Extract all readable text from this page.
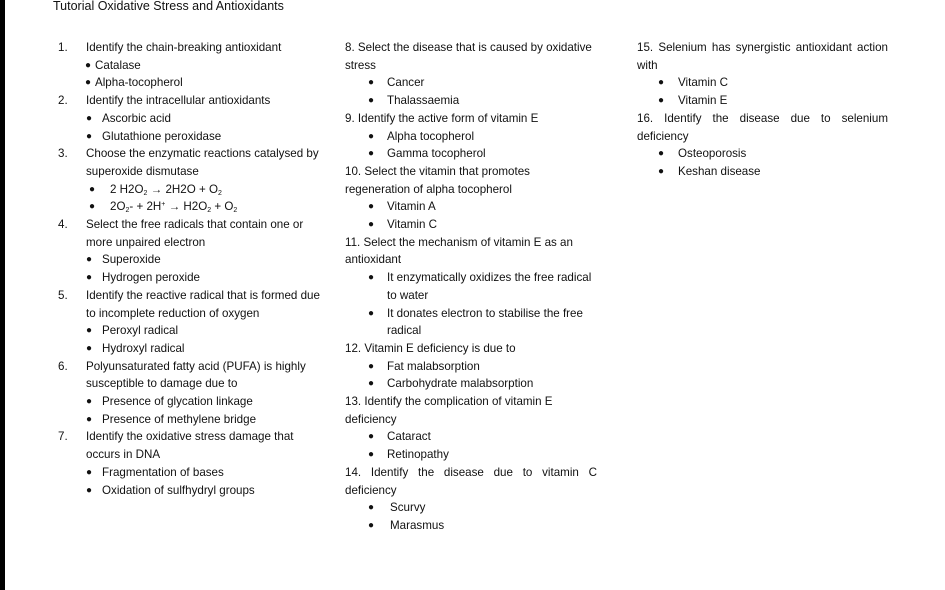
Tutorial Oxidative Stress and Antioxidants
1.	Identify the chain-breaking antioxidant
● Catalase
● Alpha-tocopherol
2.	Identify the intracellular antioxidants
● Ascorbic acid
● Glutathione peroxidase
3.	Choose the enzymatic reactions catalysed by superoxide dismutase
● 2 $H2O_2 \to 2H2O + O_2$
● $2O_2- + 2H^+ \to H2O_2 + O_2$
4.	Select the free radicals that contain one or more unpaired electron
● Superoxide
● Hydrogen peroxide
5.	Identify the reactive radical that is formed due to incomplete reduction of oxygen
● Peroxyl radical
● Hydroxyl radical
6.	Polyunsaturated fatty acid (PUFA) is highly susceptible to damage due to
● Presence of glycation linkage
● Presence of methylene bridge
7.	Identify the oxidative stress damage that occurs in DNA
● Fragmentation of bases
● Oxidation of sulfhydryl groups
8. Select the disease that is caused by oxidative stress
● Cancer
● Thalassaemia
9. Identify the active form of vitamin E
● Alpha tocopherol
● Gamma tocopherol
10. Select the vitamin that promotes regeneration of alpha tocopherol
● Vitamin A
● Vitamin C
11. Select the mechanism of vitamin E as an antioxidant
● It enzymatically oxidizes the free radical to water
● It donates electron to stabilise the free radical
12. Vitamin E deficiency is due to
● Fat malabsorption
● Carbohydrate malabsorption
13. Identify the complication of vitamin E deficiency
● Cataract
● Retinopathy
14. Identify the disease due to vitamin C deficiency
● Scurvy
● Marasmus
15. Selenium has synergistic antioxidant action with
● Vitamin C
● Vitamin E
16. Identify the disease due to selenium deficiency
● Osteoporosis
● Keshan disease
